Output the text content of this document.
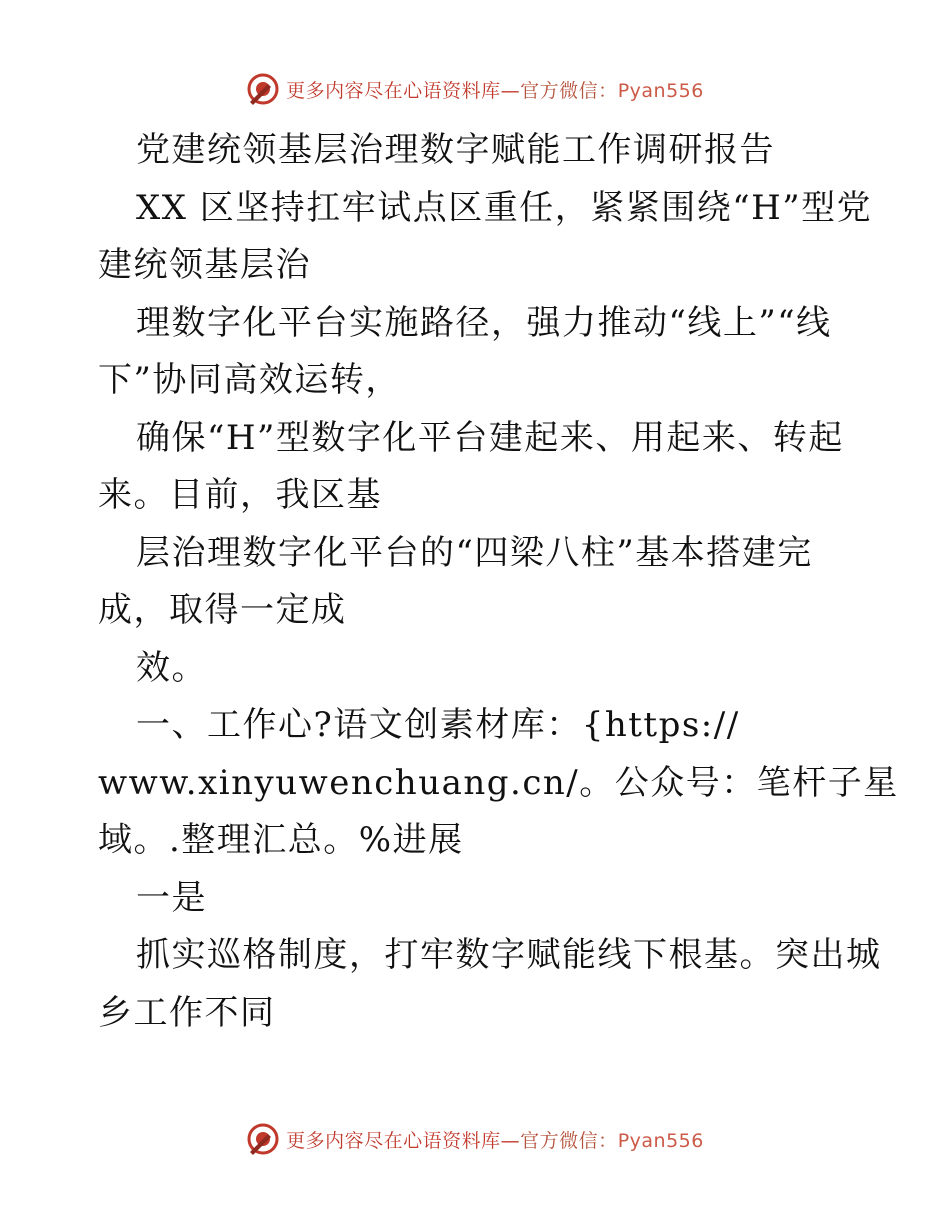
更多内容尽在心语资料库—官方微信：Pyan556
党建统领基层治理数字赋能工作调研报告
XX 区坚持扛牢试点区重任，紧紧围绕“H”型党
建统领基层治
理数字化平台实施路径，强力推动“线上”“线
下”协同高效运转，
确保“H”型数字化平台建起来、用起来、转起
来。目前，我区基
层治理数字化平台的“四梁八柱”基本搭建完
成，取得一定成
效。
一、工作心?语文创素材库：{https://
www.xinyuwenchuang.cn/。公众号：笔杆子星
域。.整理汇总。%进展
一是
抓实巡格制度，打牢数字赋能线下根基。突出城
乡工作不同
更多内容尽在心语资料库—官方微信：Pyan556
